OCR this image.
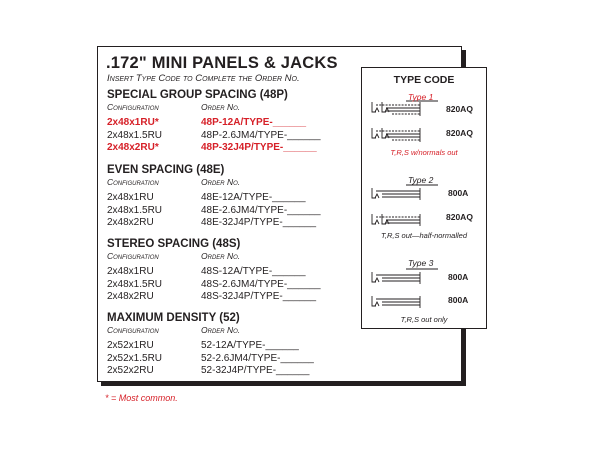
.172" MINI PANELS & JACKS
Insert Type Code to Complete the Order No.
SPECIAL GROUP SPACING (48P)
Configuration	Order No.
2x48x1RU*	48P-12A/TYPE-______
2x48x1.5RU	48P-2.6JM4/TYPE-______
2x48x2RU*	48P-32J4P/TYPE-______
EVEN SPACING (48E)
Configuration	Order No.
2x48x1RU	48E-12A/TYPE-______
2x48x1.5RU	48E-2.6JM4/TYPE-______
2x48x2RU	48E-32J4P/TYPE-______
STEREO SPACING (48S)
Configuration	Order No.
2x48x1RU	48S-12A/TYPE-______
2x48x1.5RU	48S-2.6JM4/TYPE-______
2x48x2RU	48S-32J4P/TYPE-______
MAXIMUM DENSITY (52)
Configuration	Order No.
2x52x1RU	52-12A/TYPE-______
2x52x1.5RU	52-2.6JM4/TYPE-______
2x52x2RU	52-32J4P/TYPE-______
TYPE CODE
Type 1
820AQ
820AQ
T,R,S w/normals out
Type 2
800A
820AQ
T,R,S out—half-normalled
Type 3
800A
800A
T,R,S out only
* = Most common.
